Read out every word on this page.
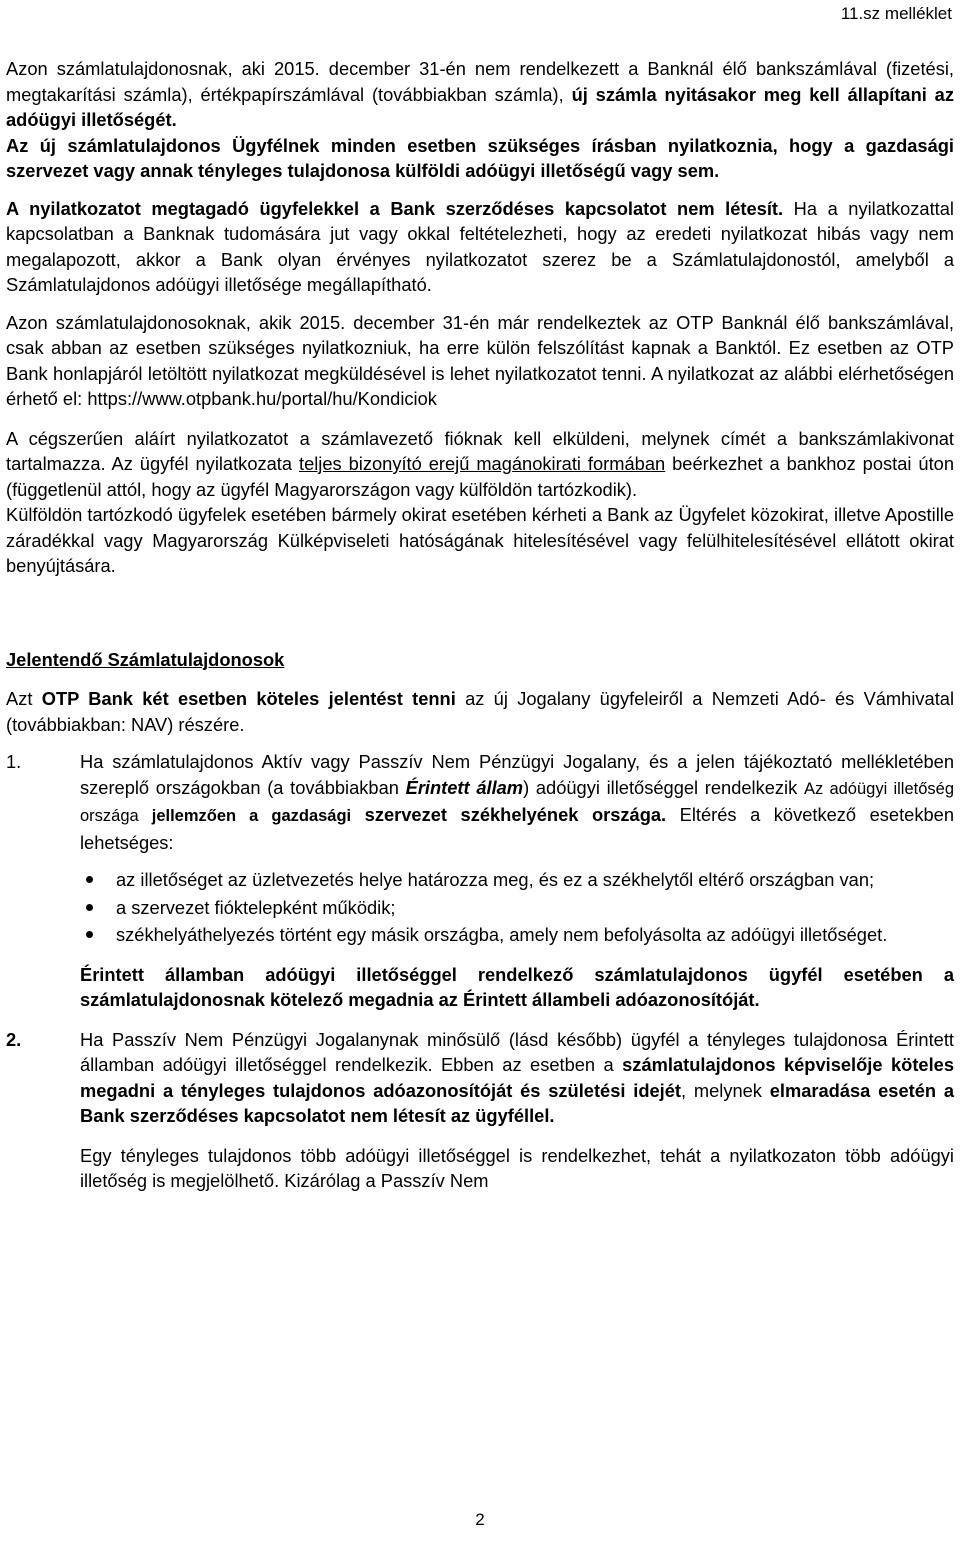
11.sz melléklet

Azon számlatulajdonosnak, aki 2015. december 31-én nem rendelkezett a Banknál élő bankszámlával (fizetési, megtakarítási számla), értékpapírszámlával (továbbiakban számla), új számla nyitásakor meg kell állapítani az adóügyi illetőségét.

Az új számlatulajdonos Ügyfélnek minden esetben szükséges írásban nyilatkoznia, hogy a gazdasági szervezet vagy annak tényleges tulajdonosa külföldi adóügyi illetőségű vagy sem.

A nyilatkozatot megtagadó ügyfelekkel a Bank szerződéses kapcsolatot nem létesít. Ha a nyilatkozattal kapcsolatban a Banknak tudomására jut vagy okkal feltételezheti, hogy az eredeti nyilatkozat hibás vagy nem megalapozott, akkor a Bank olyan érvényes nyilatkozatot szerez be a Számlatulajdonostól, amelyből a Számlatulajdonos adóügyi illetősége megállapítható.

Azon számlatulajdonosoknak, akik 2015. december 31-én már rendelkeztek az OTP Banknál élő bankszámlával, csak abban az esetben szükséges nyilatkozniuk, ha erre külön felszólítást kapnak a Banktól. Ez esetben az OTP Bank honlapjáról letöltött nyilatkozat megküldésével is lehet nyilatkozatot tenni. A nyilatkozat az alábbi elérhetőségen érhető el: https://www.otpbank.hu/portal/hu/Kondiciok

A cégszerűen aláírt nyilatkozatot a számlavezető fióknak kell elküldeni, melynek címét a bankszámlakivonat tartalmazza. Az ügyfél nyilatkozata teljes bizonyító erejű magánokirati formában beérkezhet a bankhoz postai úton (függetlenül attól, hogy az ügyfél Magyarországon vagy külföldön tartózkodik).

Külföldön tartózkodó ügyfelek esetében bármely okirat esetében kérheti a Bank az Ügyfelet közokirat, illetve Apostille záradékkal vagy Magyarország Külképviseleti hatóságának hitelesítésével vagy felülhitelesítésével ellátott okirat benyújtására.

Jelentendő Számlatulajdonosok

Azt OTP Bank két esetben köteles jelentést tenni az új Jogalany ügyfeleiről a Nemzeti Adó- és Vámhivatal (továbbiakban: NAV) részére.

1.	Ha számlatulajdonos Aktív vagy Passzív Nem Pénzügyi Jogalany, és a jelen tájékoztató mellékletében szereplő országokban (a továbbiakban Érintett állam) adóügyi illetőséggel rendelkezik Az adóügyi illetőség országa jellemzően a gazdasági szervezet székhelyének országa. Eltérés a következő esetekben lehetséges:
az illetőséget az üzletvezetés helye határozza meg, és ez a székhelytől eltérő országban van;
a szervezet fióktelepként működik;
székhelyáthelyezés történt egy másik országba, amely nem befolyásolta az adóügyi illetőséget.

Érintett államban adóügyi illetőséggel rendelkező számlatulajdonos ügyfél esetében a számlatulajdonosnak kötelező megadnia az Érintett állambeli adóazonosítóját.

2.	Ha Passzív Nem Pénzügyi Jogalanynak minősülő (lásd később) ügyfél a tényleges tulajdonosa Érintett államban adóügyi illetőséggel rendelkezik. Ebben az esetben a számlatulajdonos képviselője köteles megadni a tényleges tulajdonos adóazonosítóját és születési idejét, melynek elmaradása esetén a Bank szerződéses kapcsolatot nem létesít az ügyféllel.

Egy tényleges tulajdonos több adóügyi illetőséggel is rendelkezhet, tehát a nyilatkozaton több adóügyi illetőség is megjelölhető. Kizárólag a Passzív Nem

2
